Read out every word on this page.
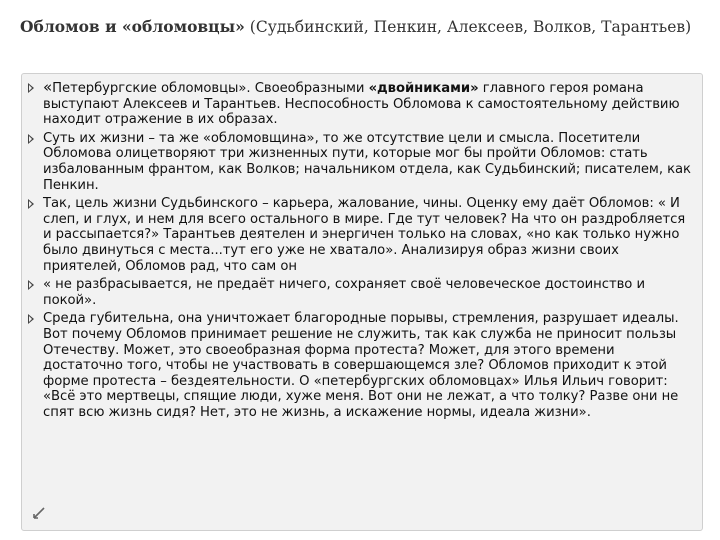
Обломов и «обломовцы» (Судьбинский, Пенкин, Алексеев, Волков, Тарантьев)
«Петербургские обломовцы». Своеобразными «двойниками» главного героя романа выступают Алексеев и Тарантьев. Неспособность Обломова к самостоятельному действию находит отражение в их образах.
Суть их жизни – та же «обломовщина», то же отсутствие цели и смысла. Посетители Обломова олицетворяют три жизненных пути, которые мог бы пройти Обломов: стать избалованным франтом, как Волков; начальником отдела, как Судьбинский; писателем, как Пенкин.
Так, цель жизни Судьбинского – карьера, жалование, чины. Оценку ему даёт Обломов: « И слеп, и глух, и нем для всего остального в мире. Где тут человек? На что он раздробляется и рассыпается?» Тарантьев деятелен и энергичен только на словах, «но как только нужно было двинуться с места...тут его уже не хватало». Анализируя образ жизни своих приятелей, Обломов рад, что сам он
« не разбрасывается, не предаёт ничего, сохраняет своё человеческое достоинство и покой».
Среда губительна, она уничтожает благородные порывы, стремления, разрушает идеалы. Вот почему Обломов принимает решение не служить, так как служба не приносит пользы Отечеству. Может, это своеобразная форма протеста? Может, для этого времени достаточно того, чтобы не участвовать в совершающемся зле? Обломов приходит к этой форме протеста – бездеятельности. О «петербургских обломовцах» Илья Ильич говорит: «Всё это мертвецы, спящие люди, хуже меня. Вот они не лежат, а что толку? Разве они не спят всю жизнь сидя? Нет, это не жизнь, а искажение нормы, идеала жизни».
